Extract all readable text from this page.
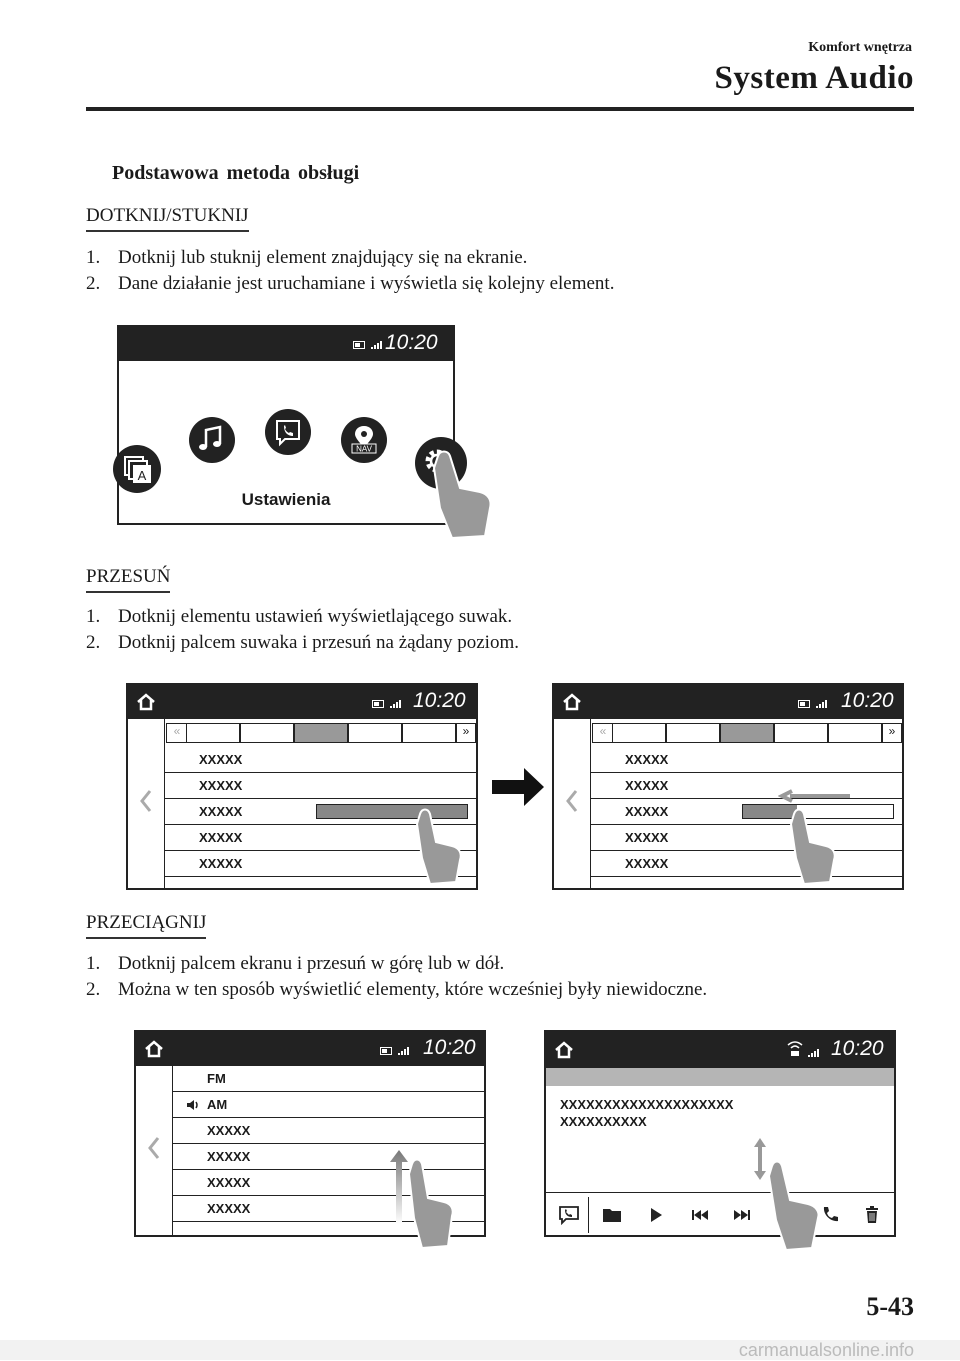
Komfort wnętrza
System Audio
Podstawowa metoda obsługi
DOTKNIJ/STUKNIJ
1. Dotknij lub stuknij element znajdujący się na ekranie.
2. Dane działanie jest uruchamiane i wyświetla się kolejny element.
10:20
A
NAV
Ustawienia
PRZESUŃ
1. Dotknij elementu ustawień wyświetlającego suwak.
2. Dotknij palcem suwaka i przesuń na żądany poziom.
10:20
«	»
XXXXX
XXXXX
XXXXX
XXXXX
XXXXX
10:20
«	»
XXXXX
XXXXX
XXXXX
XXXXX
XXXXX
PRZECIĄGNIJ
1. Dotknij palcem ekranu i przesuń w górę lub w dół.
2. Można w ten sposób wyświetlić elementy, które wcześniej były niewidoczne.
10:20
FM
AM
XXXXX
XXXXX
XXXXX
XXXXX
10:20
XXXXXXXXXXXXXXXXXXXX
XXXXXXXXXX
5-43
carmanualsonline.info
